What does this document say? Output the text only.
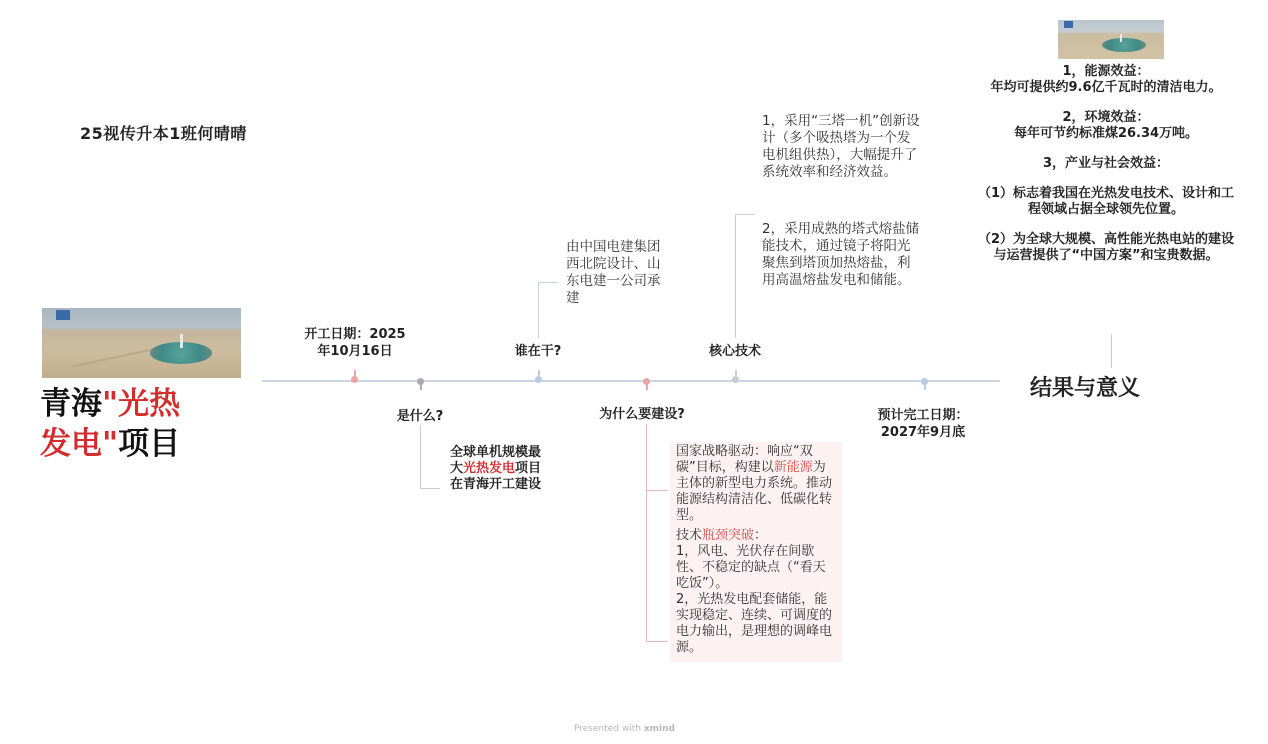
25视传升本1班何晴晴
青海"光热
发电"项目
开工日期：2025
年10月16日
是什么?
全球单机规模最大光热发电项目在青海开工建设
谁在干?
由中国电建集团西北院设计、山东电建一公司承建
为什么要建设?
国家战略驱动：响应“双碳”目标，构建以新能源为主体的新型电力系统。推动能源结构清洁化、低碳化转型。
技术瓶颈突破：
1，风电、光伏存在间歇性、不稳定的缺点（“看天吃饭”）。
2，光热发电配套储能，能实现稳定、连续、可调度的电力输出，是理想的调峰电源。
核心技术
1，采用“三塔一机”创新设计（多个吸热塔为一个发电机组供热），大幅提升了系统效率和经济效益。
2，采用成熟的塔式熔盐储能技术，通过镜子将阳光聚焦到塔顶加热熔盐，利用高温熔盐发电和储能。
预计完工日期：
2027年9月底
结果与意义

1，能源效益：
年均可提供约9.6亿千瓦时的清洁电力。

2，环境效益：
每年可节约标准煤26.34万吨。

3，产业与社会效益：

（1）标志着我国在光热发电技术、设计和工程领域占据全球领先位置。

（2）为全球大规模、高性能光热电站的建设与运营提供了“中国方案”和宝贵数据。

Presented with xmind
